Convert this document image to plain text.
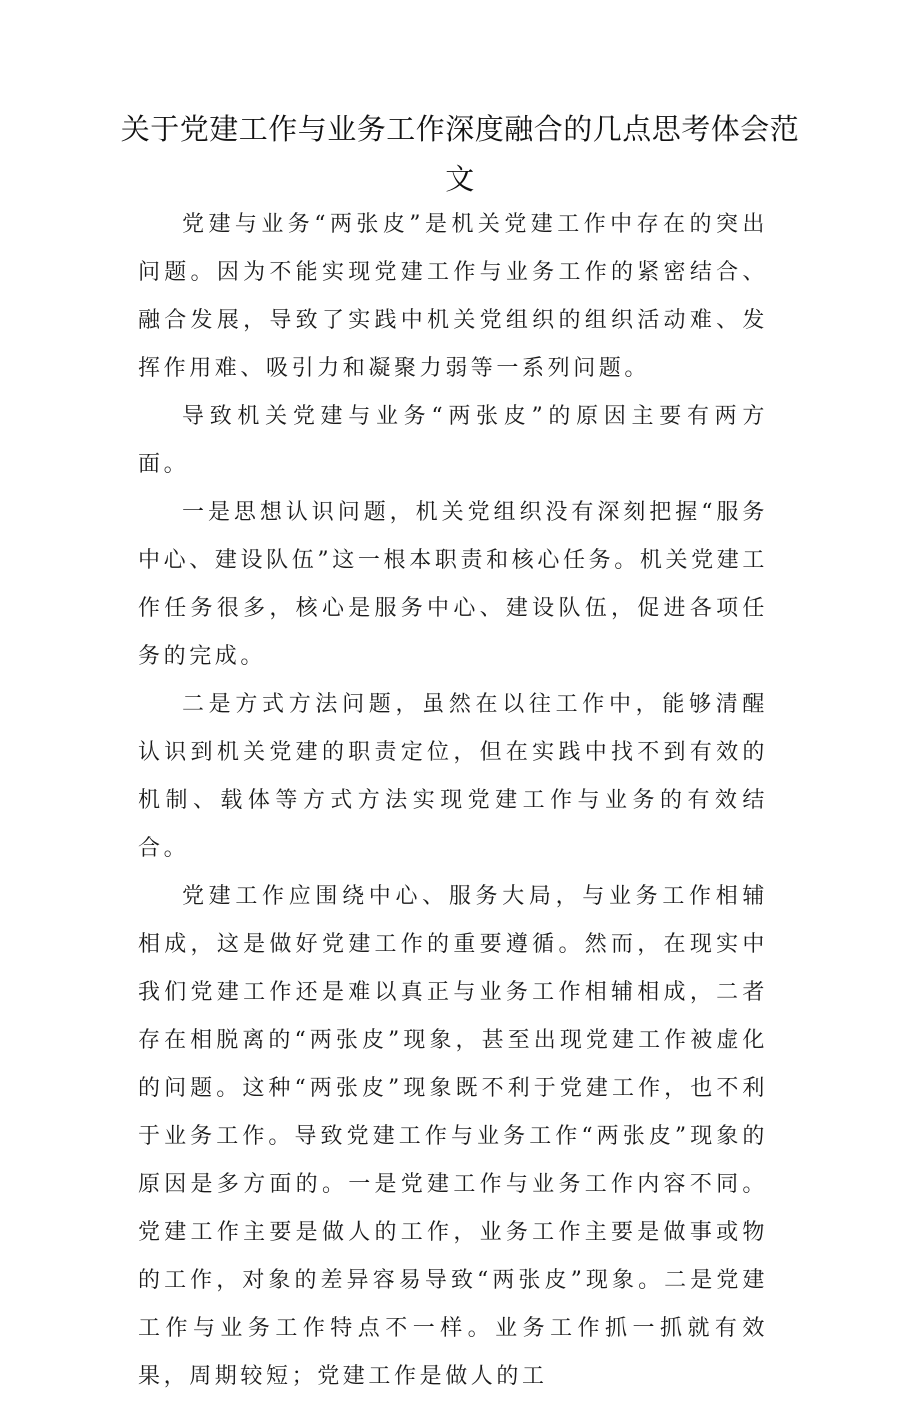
关于党建工作与业务工作深度融合的几点思考体会范文

党建与业务“两张皮”是机关党建工作中存在的突出问题。因为不能实现党建工作与业务工作的紧密结合、融合发展，导致了实践中机关党组织的组织活动难、发挥作用难、吸引力和凝聚力弱等一系列问题。

导致机关党建与业务“两张皮”的原因主要有两方面。

一是思想认识问题，机关党组织没有深刻把握“服务中心、建设队伍”这一根本职责和核心任务。机关党建工作任务很多，核心是服务中心、建设队伍，促进各项任务的完成。

二是方式方法问题，虽然在以往工作中，能够清醒认识到机关党建的职责定位，但在实践中找不到有效的机制、载体等方式方法实现党建工作与业务的有效结合。

党建工作应围绕中心、服务大局，与业务工作相辅相成，这是做好党建工作的重要遵循。然而，在现实中我们党建工作还是难以真正与业务工作相辅相成，二者存在相脱离的“两张皮”现象，甚至出现党建工作被虚化的问题。这种“两张皮”现象既不利于党建工作，也不利于业务工作。导致党建工作与业务工作“两张皮”现象的原因是多方面的。一是党建工作与业务工作内容不同。党建工作主要是做人的工作，业务工作主要是做事或物的工作，对象的差异容易导致“两张皮”现象。二是党建工作与业务工作特点不一样。业务工作抓一抓就有效果，周期较短；党建工作是做人的工
